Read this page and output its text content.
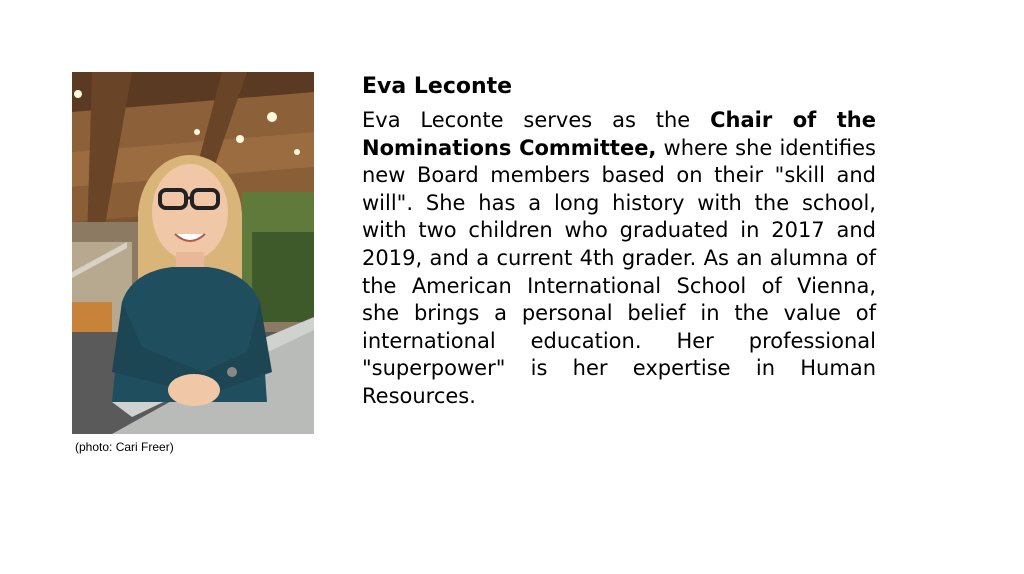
(photo: Cari Freer)
Eva Leconte
Eva Leconte serves as the Chair of the Nominations Committee, where she identifies new Board members based on their "skill and will". She has a long history with the school, with two children who graduated in 2017 and 2019, and a current 4th grader. As an alumna of the American International School of Vienna, she brings a personal belief in the value of international education. Her professional "superpower" is her expertise in Human Resources.
